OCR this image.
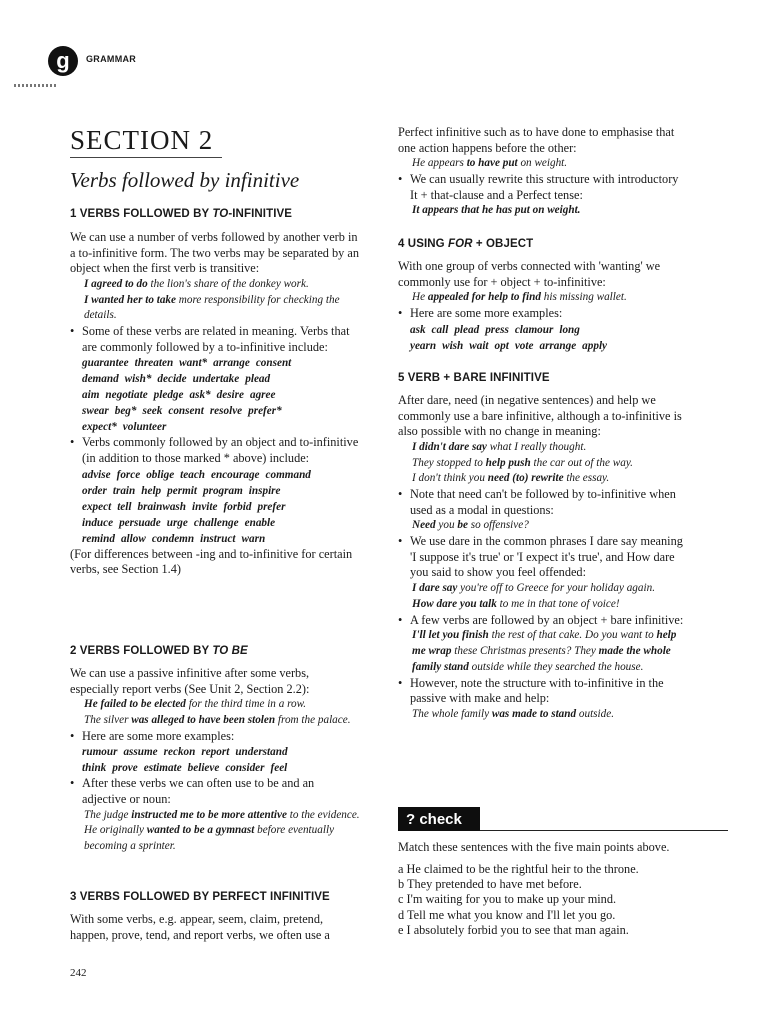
g GRAMMAR
SECTION 2
Verbs followed by infinitive
1 VERBS FOLLOWED BY TO-INFINITIVE

We can use a number of verbs followed by another verb in a to-infinitive form. The two verbs may be separated by an object when the first verb is transitive:

I agreed to do the lion's share of the donkey work.

I wanted her to take more responsibility for checking the details.

• Some of these verbs are related in meaning. Verbs that are commonly followed by a to-infinitive include:
guarantee threaten want* arrange consent
demand wish* decide undertake plead
aim negotiate pledge ask* desire agree
swear beg* seek consent resolve prefer*
expect* volunteer
• Verbs commonly followed by an object and to-infinitive (in addition to those marked * above) include:
advise force oblige teach encourage command
order train help permit program inspire
expect tell brainwash invite forbid prefer
induce persuade urge challenge enable
remind allow condemn instruct warn

(For differences between -ing and to-infinitive for certain verbs, see Section 1.4)

2 VERBS FOLLOWED BY TO BE

We can use a passive infinitive after some verbs, especially report verbs (See Unit 2, Section 2.2):

He failed to be elected for the third time in a row.

The silver was alleged to have been stolen from the palace.

• Here are some more examples:
rumour assume reckon report understand
think prove estimate believe consider feel
• After these verbs we can often use to be and an adjective or noun:

The judge instructed me to be more attentive to the evidence. He originally wanted to be a gymnast before eventually becoming a sprinter.

3 VERBS FOLLOWED BY PERFECT INFINITIVE

With some verbs, e.g. appear, seem, claim, pretend, happen, prove, tend, and report verbs, we often use a

Perfect infinitive such as to have done to emphasise that one action happens before the other:

He appears to have put on weight.

• We can usually rewrite this structure with introductory It + that-clause and a Perfect tense:

It appears that he has put on weight.

4 USING FOR + OBJECT

With one group of verbs connected with 'wanting' we commonly use for + object + to-infinitive:

He appealed for help to find his missing wallet.

• Here are some more examples:
ask call plead press clamour long
yearn wish wait opt vote arrange apply
5 VERB + BARE INFINITIVE

After dare, need (in negative sentences) and help we commonly use a bare infinitive, although a to-infinitive is also possible with no change in meaning:

I didn't dare say what I really thought.

They stopped to help push the car out of the way.

I don't think you need (to) rewrite the essay.

• Note that need can't be followed by to-infinitive when used as a modal in questions:

Need you be so offensive?

• We use dare in the common phrases I dare say meaning 'I suppose it's true' or 'I expect it's true', and How dare you said to show you feel offended:

I dare say you're off to Greece for your holiday again.

How dare you talk to me in that tone of voice!

• A few verbs are followed by an object + bare infinitive:

I'll let you finish the rest of that cake. Do you want to help me wrap these Christmas presents? They made the whole family stand outside while they searched the house.

• However, note the structure with to-infinitive in the passive with make and help:

The whole family was made to stand outside.

? check

Match these sentences with the five main points above.

a He claimed to be the rightful heir to the throne.
b They pretended to have met before.
c I'm waiting for you to make up your mind.
d Tell me what you know and I'll let you go.
e I absolutely forbid you to see that man again.
242
